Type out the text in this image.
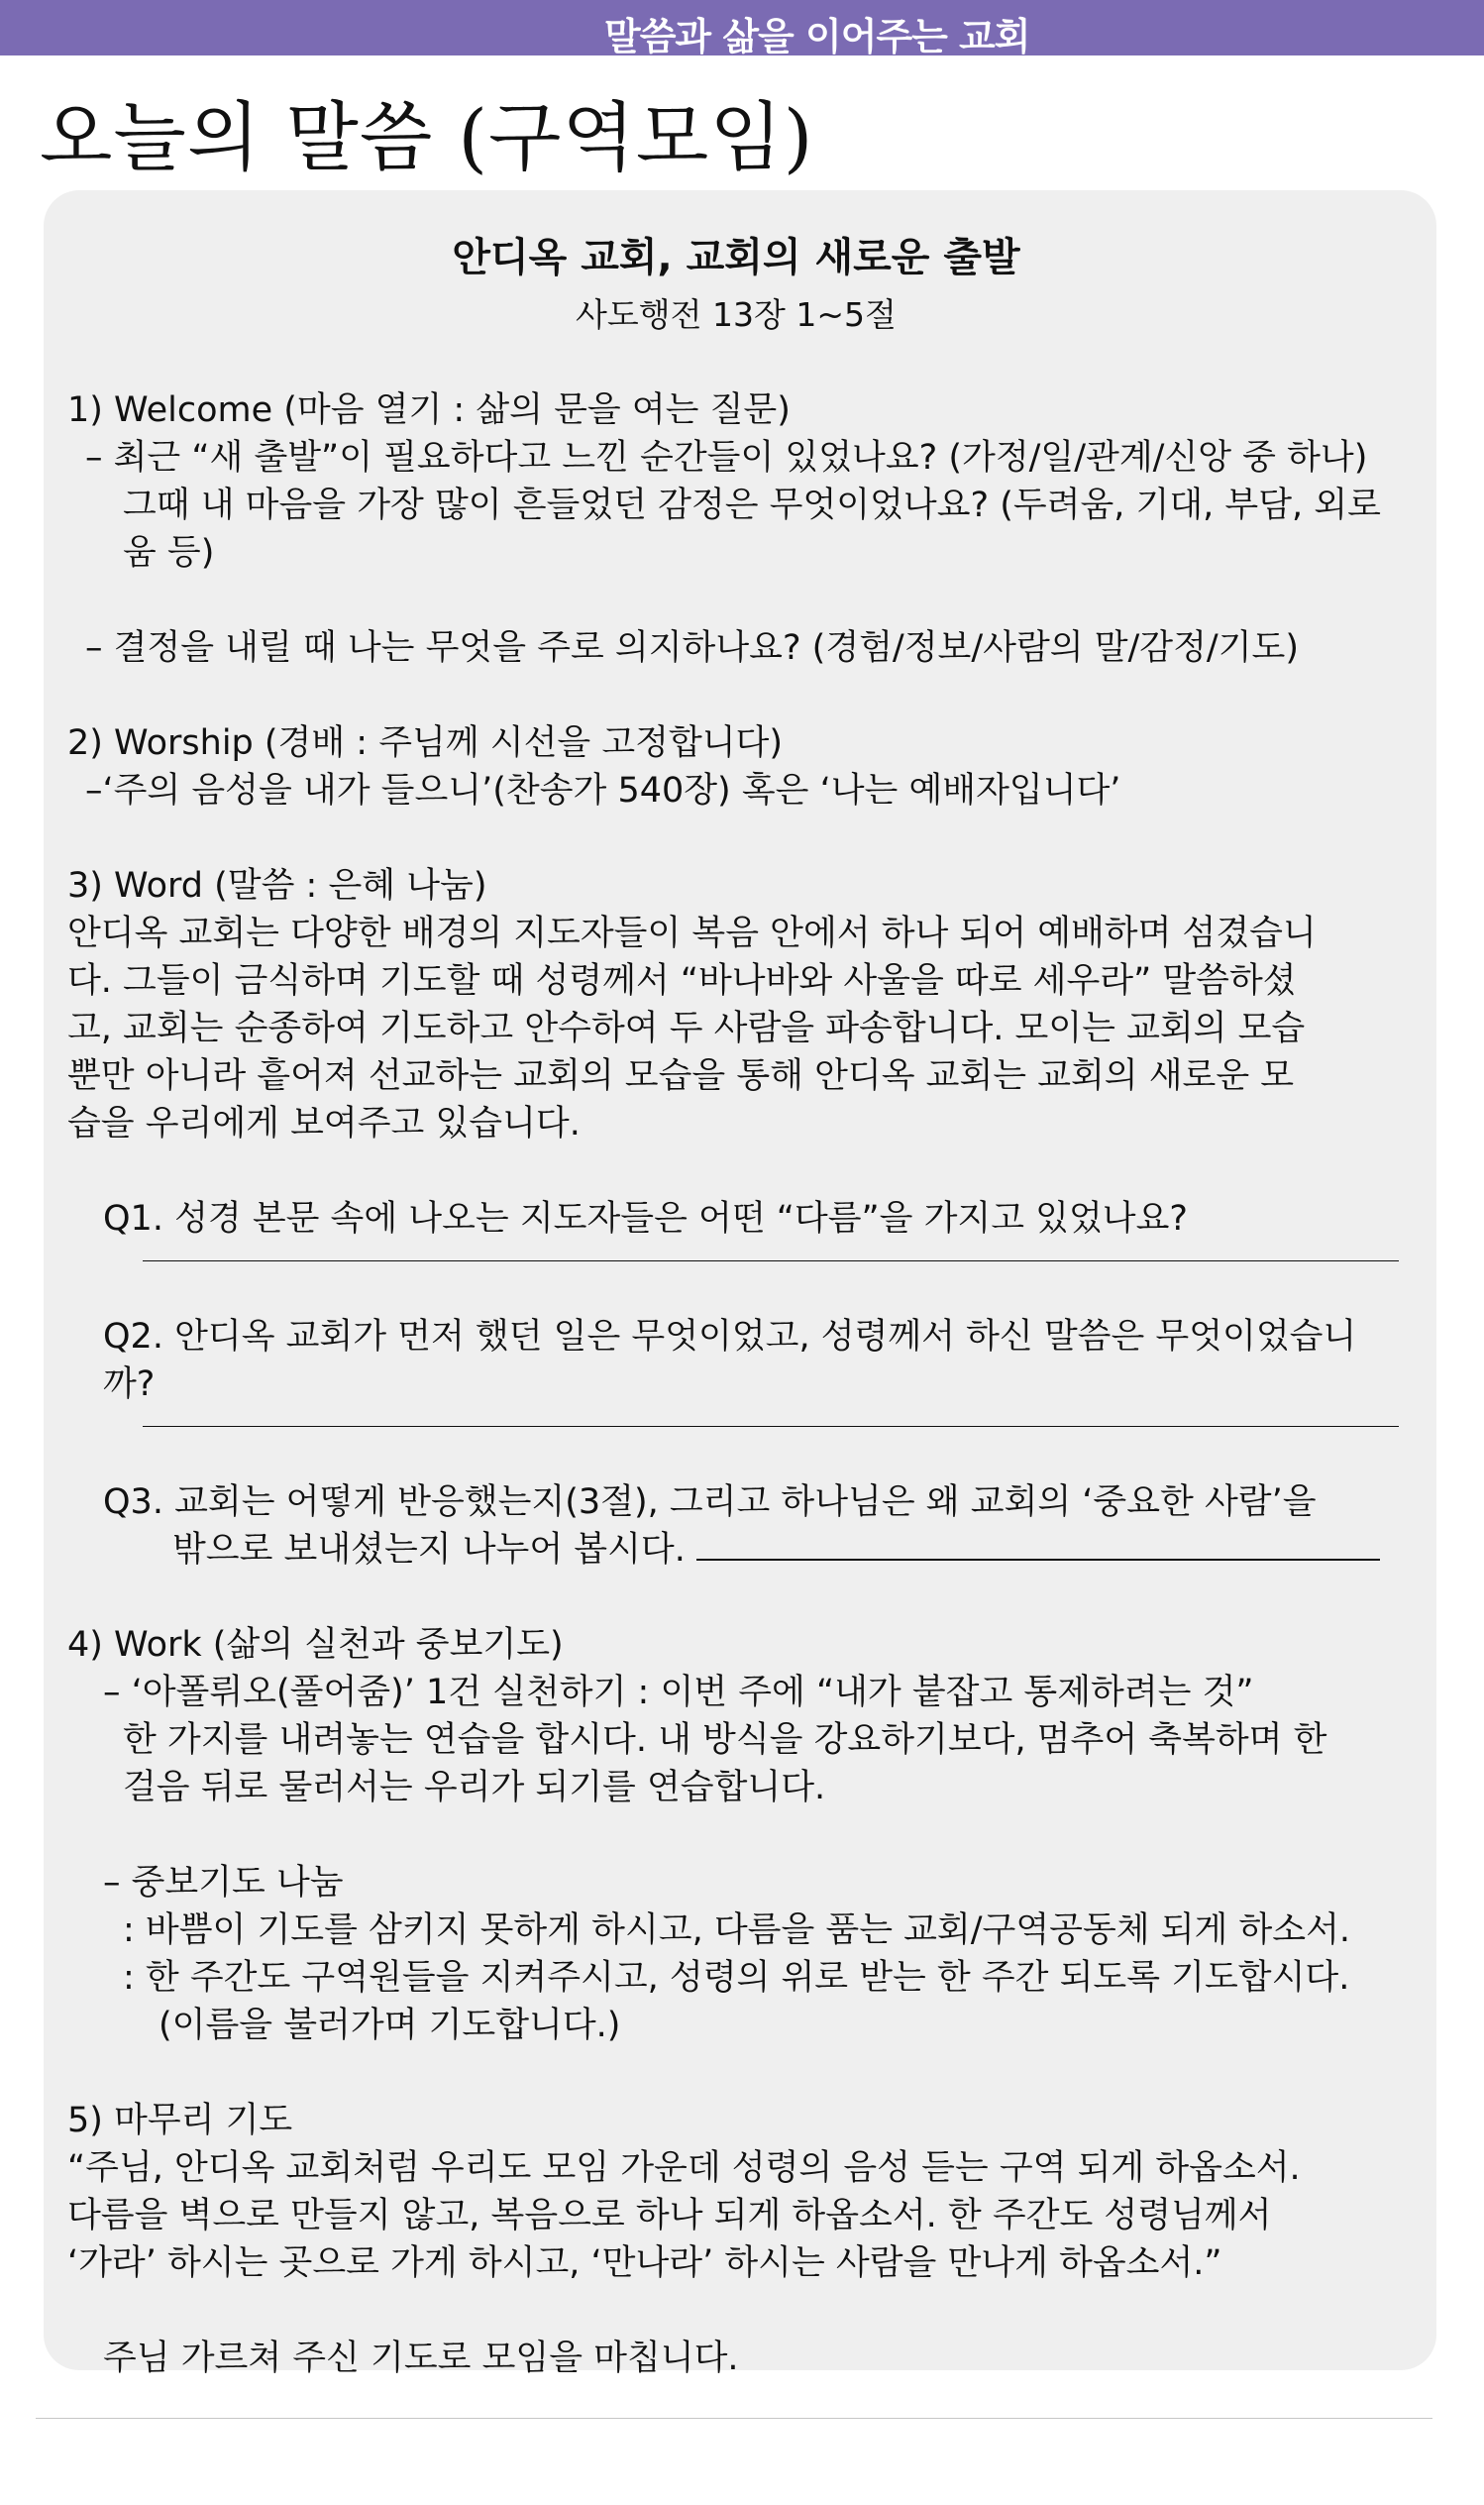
말씀과 삶을 이어주는 교회
오늘의 말씀 (구역모임)
안디옥 교회, 교회의 새로운 출발
사도행전 13장 1~5절
1) Welcome (마음 열기 : 삶의 문을 여는 질문)
– 최근 “새 출발”이 필요하다고 느낀 순간들이 있었나요? (가정/일/관계/신앙 중 하나)
그때 내 마음을 가장 많이 흔들었던 감정은 무엇이었나요? (두려움, 기대, 부담, 외로움 등)
– 결정을 내릴 때 나는 무엇을 주로 의지하나요? (경험/정보/사람의 말/감정/기도)
2) Worship (경배 : 주님께 시선을 고정합니다)
–‘주의 음성을 내가 들으니’(찬송가 540장) 혹은 ‘나는 예배자입니다’
3) Word (말씀 : 은혜 나눔)
안디옥 교회는 다양한 배경의 지도자들이 복음 안에서 하나 되어 예배하며 섬겼습니
다. 그들이 금식하며 기도할 때 성령께서 “바나바와 사울을 따로 세우라” 말씀하셨
고, 교회는 순종하여 기도하고 안수하여 두 사람을 파송합니다. 모이는 교회의 모습
뿐만 아니라 흩어져 선교하는 교회의 모습을 통해 안디옥 교회는 교회의 새로운 모
습을 우리에게 보여주고 있습니다.
Q1. 성경 본문 속에 나오는 지도자들은 어떤 “다름”을 가지고 있었나요?
Q2. 안디옥 교회가 먼저 했던 일은 무엇이었고, 성령께서 하신 말씀은 무엇이었습니까?
Q3. 교회는 어떻게 반응했는지(3절), 그리고 하나님은 왜 교회의 ‘중요한 사람’을
밖으로 보내셨는지 나누어 봅시다.
4) Work (삶의 실천과 중보기도)
– ‘아폴뤼오(풀어줌)’ 1건 실천하기 : 이번 주에 “내가 붙잡고 통제하려는 것”
한 가지를 내려놓는 연습을 합시다. 내 방식을 강요하기보다, 멈추어 축복하며 한
걸음 뒤로 물러서는 우리가 되기를 연습합니다.
– 중보기도 나눔
: 바쁨이 기도를 삼키지 못하게 하시고, 다름을 품는 교회/구역공동체 되게 하소서.
: 한 주간도 구역원들을 지켜주시고, 성령의 위로 받는 한 주간 되도록 기도합시다.
(이름을 불러가며 기도합니다.)
5) 마무리 기도
“주님, 안디옥 교회처럼 우리도 모임 가운데 성령의 음성 듣는 구역 되게 하옵소서.
다름을 벽으로 만들지 않고, 복음으로 하나 되게 하옵소서. 한 주간도 성령님께서
‘가라’ 하시는 곳으로 가게 하시고, ‘만나라’ 하시는 사람을 만나게 하옵소서.”
주님 가르쳐 주신 기도로 모임을 마칩니다.
